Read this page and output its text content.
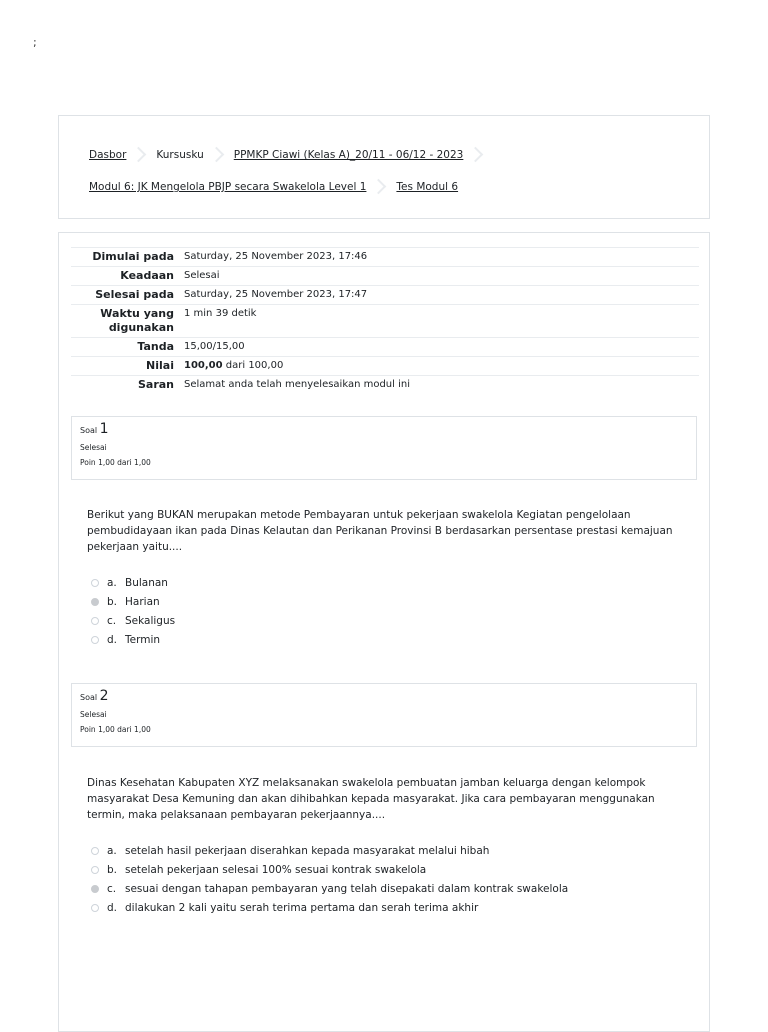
;
Dasbor	Kursusku	PPMKP Ciawi (Kelas A)_20/11 - 06/12 - 2023
Modul 6: JK Mengelola PBJP secara Swakelola Level 1	Tes Modul 6
Dimulai pada	Saturday, 25 November 2023, 17:46
Keadaan	Selesai
Selesai pada	Saturday, 25 November 2023, 17:47
Waktu yang digunakan	1 min 39 detik
Tanda	15,00/15,00
Nilai	100,00 dari 100,00
Saran	Selamat anda telah menyelesaikan modul ini
Soal 1
Selesai
Poin 1,00 dari 1,00
Berikut yang BUKAN merupakan metode Pembayaran untuk pekerjaan swakelola Kegiatan pengelolaan pembudidayaan ikan pada Dinas Kelautan dan Perikanan Provinsi B berdasarkan persentase prestasi kemajuan pekerjaan yaitu....
a. Bulanan
b. Harian
c. Sekaligus
d. Termin
Soal 2
Selesai
Poin 1,00 dari 1,00
Dinas Kesehatan Kabupaten XYZ melaksanakan swakelola pembuatan jamban keluarga dengan kelompok masyarakat Desa Kemuning dan akan dihibahkan kepada masyarakat. Jika cara pembayaran menggunakan termin, maka pelaksanaan pembayaran pekerjaannya....
a. setelah hasil pekerjaan diserahkan kepada masyarakat melalui hibah
b. setelah pekerjaan selesai 100% sesuai kontrak swakelola
c. sesuai dengan tahapan pembayaran yang telah disepakati dalam kontrak swakelola
d. dilakukan 2 kali yaitu serah terima pertama dan serah terima akhir
